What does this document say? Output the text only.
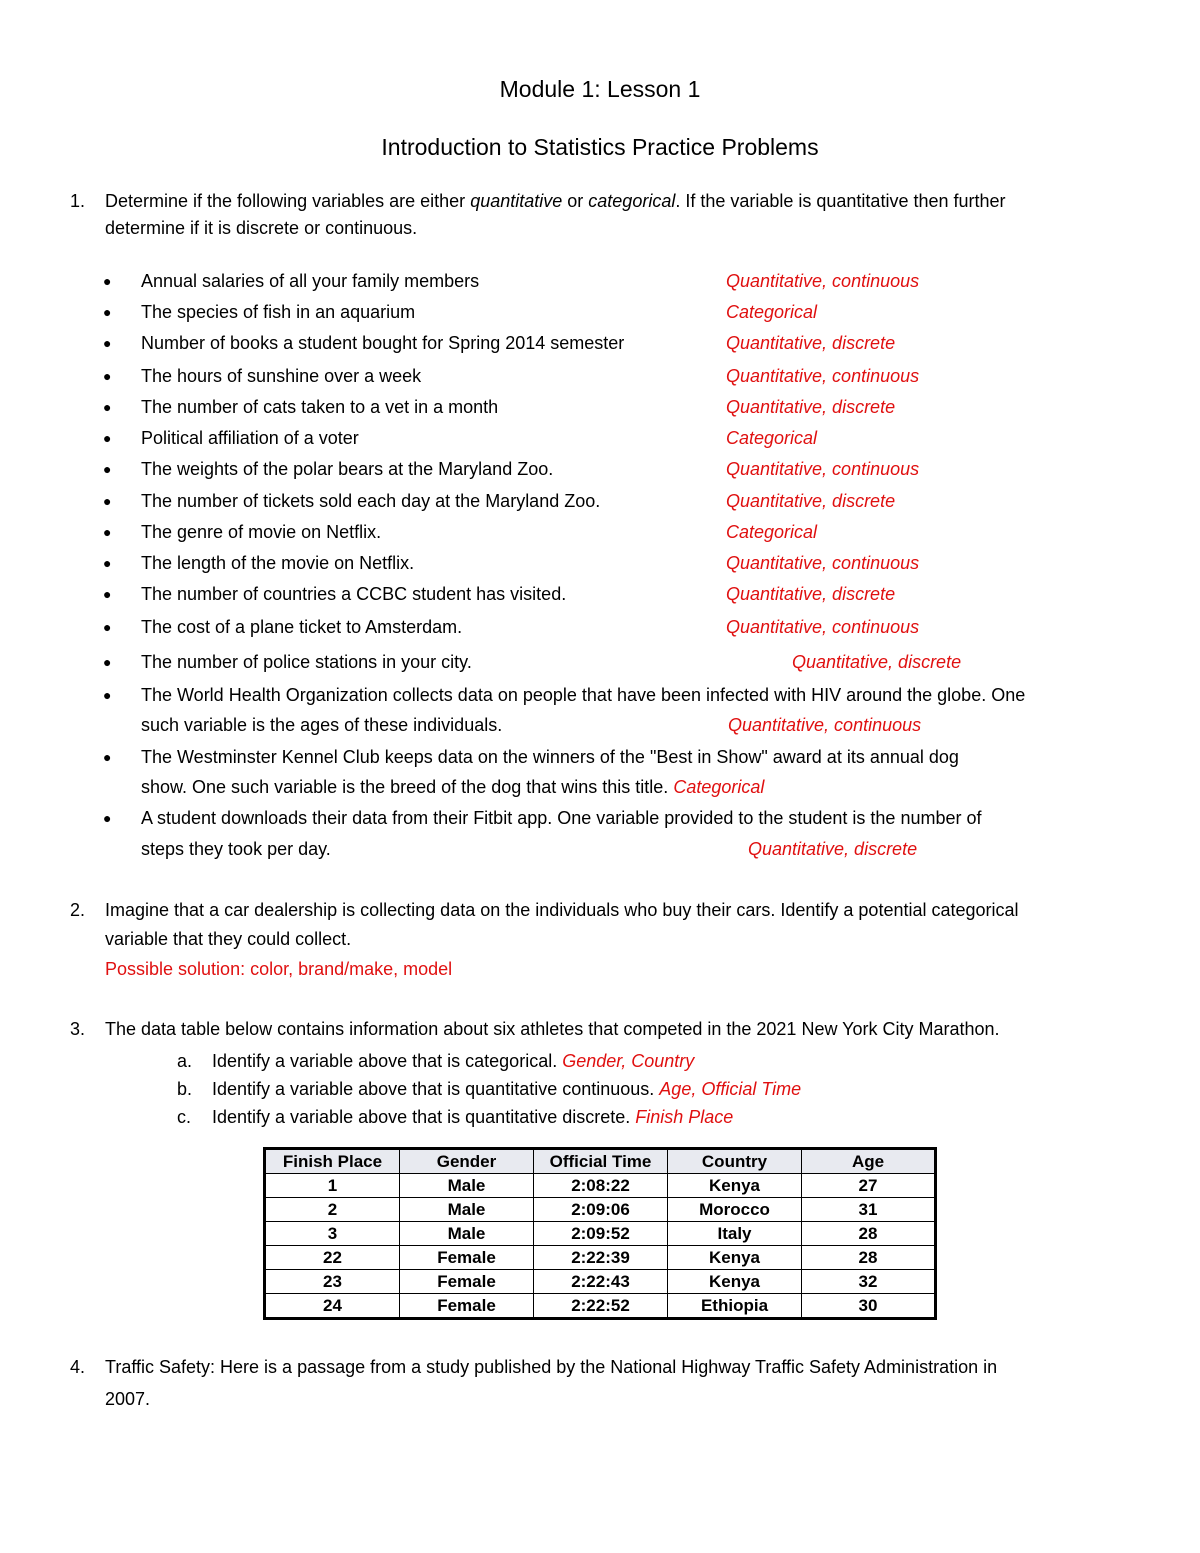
Module 1: Lesson 1
Introduction to Statistics Practice Problems
1. Determine if the following variables are either quantitative or categorical. If the variable is quantitative then further
determine if it is discrete or continuous.
● Annual salaries of all your family members	Quantitative, continuous
● The species of fish in an aquarium	Categorical
● Number of books a student bought for Spring 2014 semester	Quantitative, discrete
● The hours of sunshine over a week	Quantitative, continuous
● The number of cats taken to a vet in a month	Quantitative, discrete
● Political affiliation of a voter	Categorical
● The weights of the polar bears at the Maryland Zoo.	Quantitative, continuous
● The number of tickets sold each day at the Maryland Zoo.	Quantitative, discrete
● The genre of movie on Netflix.	Categorical
● The length of the movie on Netflix.	Quantitative, continuous
● The number of countries a CCBC student has visited.	Quantitative, discrete
● The cost of a plane ticket to Amsterdam.	Quantitative, continuous
● The number of police stations in your city.	Quantitative, discrete
● The World Health Organization collects data on people that have been infected with HIV around the globe. One
such variable is the ages of these individuals.	Quantitative, continuous
● The Westminster Kennel Club keeps data on the winners of the "Best in Show" award at its annual dog
show. One such variable is the breed of the dog that wins this title. Categorical
● A student downloads their data from their Fitbit app. One variable provided to the student is the number of
steps they took per day.	Quantitative, discrete
2. Imagine that a car dealership is collecting data on the individuals who buy their cars. Identify a potential categorical
variable that they could collect.
Possible solution: color, brand/make, model
3. The data table below contains information about six athletes that competed in the 2021 New York City Marathon.
a. Identify a variable above that is categorical. Gender, Country
b. Identify a variable above that is quantitative continuous. Age, Official Time
c. Identify a variable above that is quantitative discrete. Finish Place
Finish Place	Gender	Official Time	Country	Age
1	Male	2:08:22	Kenya	27
2	Male	2:09:06	Morocco	31
3	Male	2:09:52	Italy	28
22	Female	2:22:39	Kenya	28
23	Female	2:22:43	Kenya	32
24	Female	2:22:52	Ethiopia	30
4. Traffic Safety: Here is a passage from a study published by the National Highway Traffic Safety Administration in
2007.
